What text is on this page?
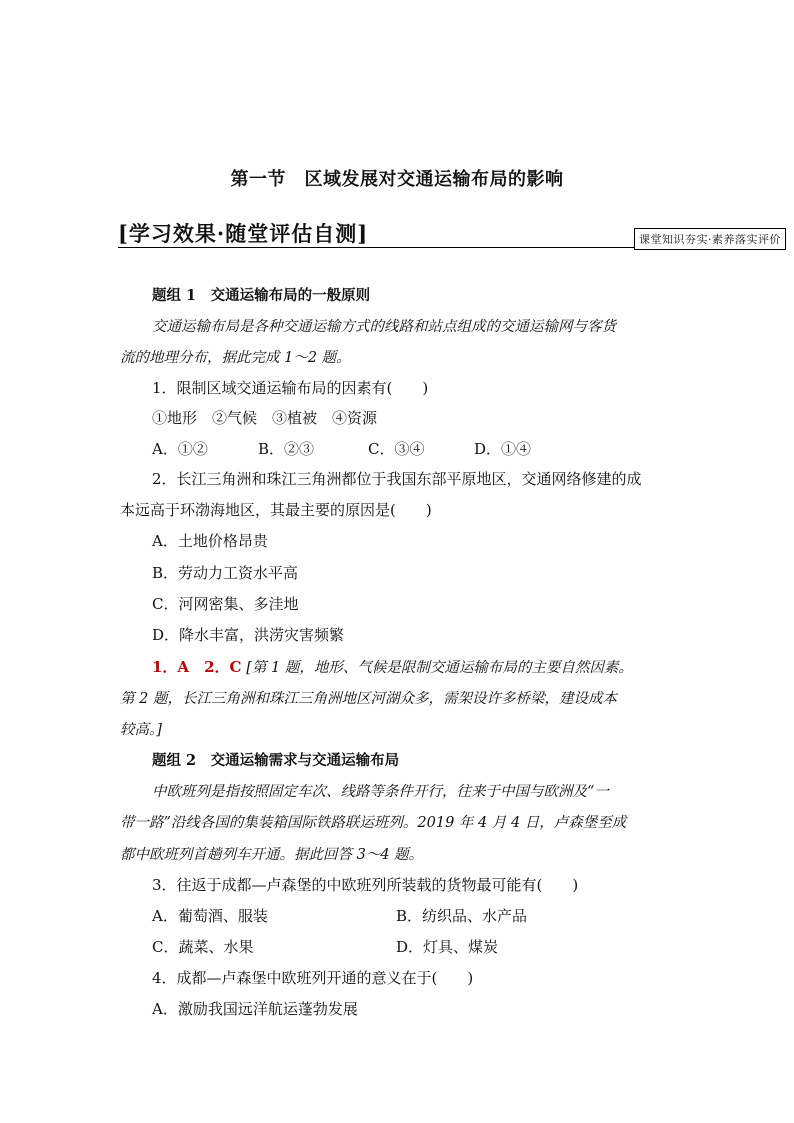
第一节　区域发展对交通运输布局的影响
[学习效果·随堂评估自测]	课堂知识夯实·素养落实评价
题组 1　交通运输布局的一般原则
交通运输布局是各种交通运输方式的线路和站点组成的交通运输网与客货
流的地理分布，据此完成 1～2 题。
1．限制区域交通运输布局的因素有(　　)
①地形　②气候　③植被　④资源
A．①②	B．②③	C．③④	D．①④
2．长江三角洲和珠江三角洲都位于我国东部平原地区，交通网络修建的成
本远高于环渤海地区，其最主要的原因是(　　)
A．土地价格昂贵
B．劳动力工资水平高
C．河网密集、多洼地
D．降水丰富，洪涝灾害频繁
1．A　2．C [第 1 题，地形、气候是限制交通运输布局的主要自然因素。
第 2 题，长江三角洲和珠江三角洲地区河湖众多，需架设许多桥梁，建设成本
较高。]
题组 2　交通运输需求与交通运输布局
中欧班列是指按照固定车次、线路等条件开行，往来于中国与欧洲及“一
带一路”沿线各国的集装箱国际铁路联运班列。2019 年 4 月 4 日，卢森堡至成
都中欧班列首趟列车开通。据此回答 3～4 题。
3．往返于成都—卢森堡的中欧班列所装载的货物最可能有(　　)
A．葡萄酒、服装	B．纺织品、水产品
C．蔬菜、水果	D．灯具、煤炭
4．成都—卢森堡中欧班列开通的意义在于(　　)
A．激励我国远洋航运蓬勃发展
